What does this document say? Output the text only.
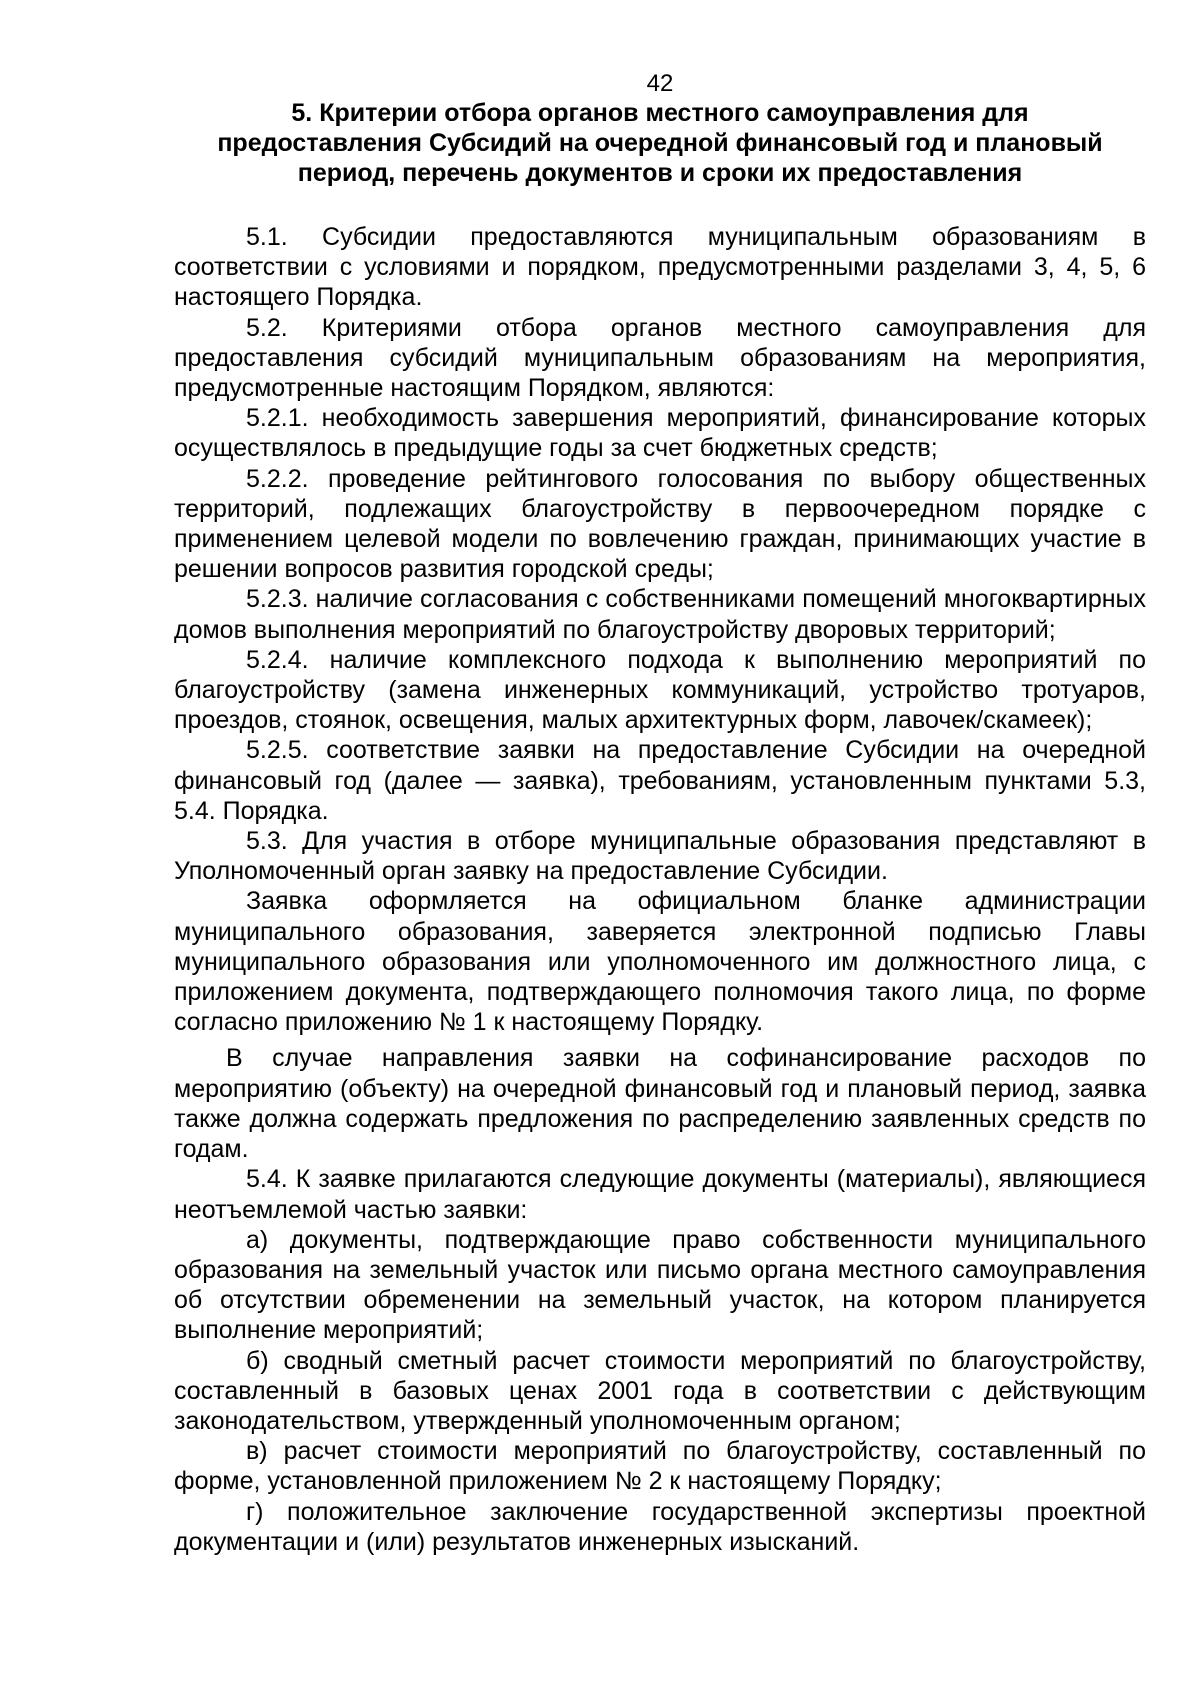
42

5. Критерии отбора органов местного самоуправления для
предоставления Субсидий на очередной финансовый год и плановый
период, перечень документов и сроки их предоставления

5.1. Субсидии предоставляются муниципальным образованиям в соответствии с условиями и порядком, предусмотренными разделами 3, 4, 5, 6 настоящего Порядка.

5.2. Критериями отбора органов местного самоуправления для предоставления субсидий муниципальным образованиям на мероприятия, предусмотренные настоящим Порядком, являются:

5.2.1. необходимость завершения мероприятий, финансирование которых осуществлялось в предыдущие годы за счет бюджетных средств;

5.2.2. проведение рейтингового голосования по выбору общественных территорий, подлежащих благоустройству в первоочередном порядке с применением целевой модели по вовлечению граждан, принимающих участие в решении вопросов развития городской среды;

5.2.3. наличие согласования с собственниками помещений многоквартирных домов выполнения мероприятий по благоустройству дворовых территорий;

5.2.4. наличие комплексного подхода к выполнению мероприятий по благоустройству (замена инженерных коммуникаций, устройство тротуаров, проездов, стоянок, освещения, малых архитектурных форм, лавочек/скамеек);

5.2.5. соответствие заявки на предоставление Субсидии на очередной финансовый год (далее — заявка), требованиям, установленным пунктами 5.3, 5.4. Порядка.

5.3. Для участия в отборе муниципальные образования представляют в Уполномоченный орган заявку на предоставление Субсидии.

Заявка оформляется на официальном бланке администрации муниципального образования, заверяется электронной подписью Главы муниципального образования или уполномоченного им должностного лица, с приложением документа, подтверждающего полномочия такого лица, по форме согласно приложению № 1 к настоящему Порядку.

В случае направления заявки на софинансирование расходов по мероприятию (объекту) на очередной финансовый год и плановый период, заявка также должна содержать предложения по распределению заявленных средств по годам.

5.4. К заявке прилагаются следующие документы (материалы), являющиеся неотъемлемой частью заявки:

а) документы, подтверждающие право собственности муниципального образования на земельный участок или письмо органа местного самоуправления об отсутствии обременении на земельный участок, на котором планируется выполнение мероприятий;

б) сводный сметный расчет стоимости мероприятий по благоустройству, составленный в базовых ценах 2001 года в соответствии с действующим законодательством, утвержденный уполномоченным органом;

в) расчет стоимости мероприятий по благоустройству, составленный по форме, установленной приложением № 2 к настоящему Порядку;

г) положительное заключение государственной экспертизы проектной документации и (или) результатов инженерных изысканий.
